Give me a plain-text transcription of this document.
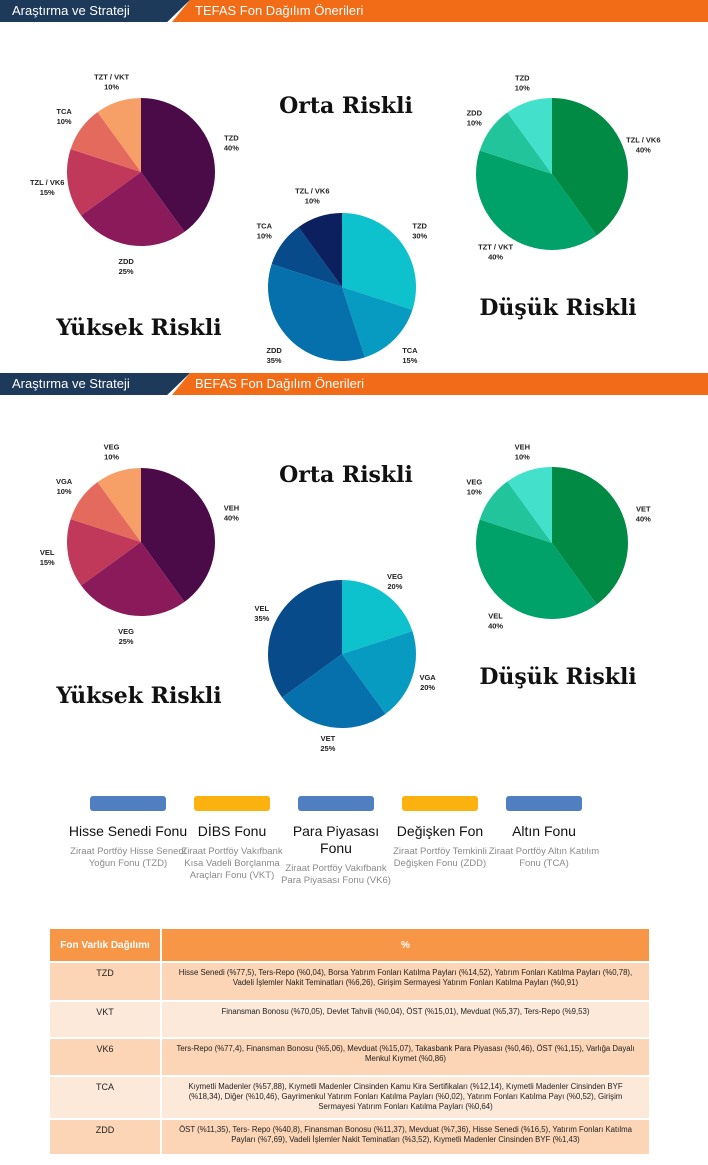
Araştırma ve Strateji	TEFAS Fon Dağılım Önerileri
TZD 40%
ZDD 25%
TZL / VK6 15%
TCA 10%
TZT / VKT 10%
TZD 30%
TCA 15%
ZDD 35%
TCA 10%
TZL / VK6 10%
TZL / VK6 40%
TZT / VKT 40%
ZDD 10%
TZD 10%
Orta Riskli
Yüksek Riskli
Düşük Riskli
Araştırma ve Strateji	BEFAS Fon Dağılım Önerileri
VEH 40%
VEG 25%
VEL 15%
VGA 10%
VEG 10%
VEG 20%
VGA 20%
VET 25%
VEL 35%
VET 40%
VEL 40%
VEG 10%
VEH 10%
Orta Riskli
Yüksek Riskli
Düşük Riskli
Hisse Senedi Fonu
Ziraat Portföy Hisse Senedi Yoğun Fonu (TZD)
DİBS Fonu
Ziraat Portföy Vakıfbank Kısa Vadeli Borçlanma Araçları Fonu (VKT)
Para Piyasası Fonu
Ziraat Portföy Vakıfbank Para Piyasası Fonu (VK6)
Değişken Fon
Ziraat Portföy Temkinli Değişken Fonu (ZDD)
Altın Fonu
Ziraat Portföy Altın Katılım Fonu (TCA)
Fon Varlık Dağılımı	%
TZD	Hisse Senedi (%77,5), Ters-Repo (%0,04), Borsa Yatırım Fonları Katılma Payları (%14,52), Yatırım Fonları Katılma Payları (%0,78), Vadeli İşlemler Nakit Teminatları (%6,26), Girişim Sermayesi Yatırım Fonları Katılma Payları (%0,91)
VKT	Finansman Bonosu (%70,05), Devlet Tahvili (%0,04), ÖST (%15,01), Mevduat (%5,37), Ters-Repo (%9,53)
VK6	Ters-Repo (%77,4), Finansman Bonosu (%5,06), Mevduat (%15,07), Takasbank Para Piyasası (%0,46), ÖST (%1,15), Varlığa Dayalı Menkul Kıymet (%0,86)
TCA	Kıymetli Madenler (%57,88), Kıymetli Madenler Cinsinden Kamu Kira Sertifikaları (%12,14), Kıymetli Madenler Cinsinden BYF (%18,34), Diğer (%10,46), Gayrimenkul Yatırım Fonları Katılma Payları (%0,02), Yatırım Fonları Katılma Payı (%0,52), Girişim Sermayesi Yatırım Fonları Katılma Payları (%0,64)
ZDD	ÖST (%11,35), Ters- Repo (%40,8), Finansman Bonosu (%11,37), Mevduat (%7,36), Hisse Senedi (%16,5), Yatırım Fonları Katılma Payları (%7,69), Vadeli İşlemler Nakit Teminatları (%3,52), Kıymetli Madenler Cinsinden BYF (%1,43)
